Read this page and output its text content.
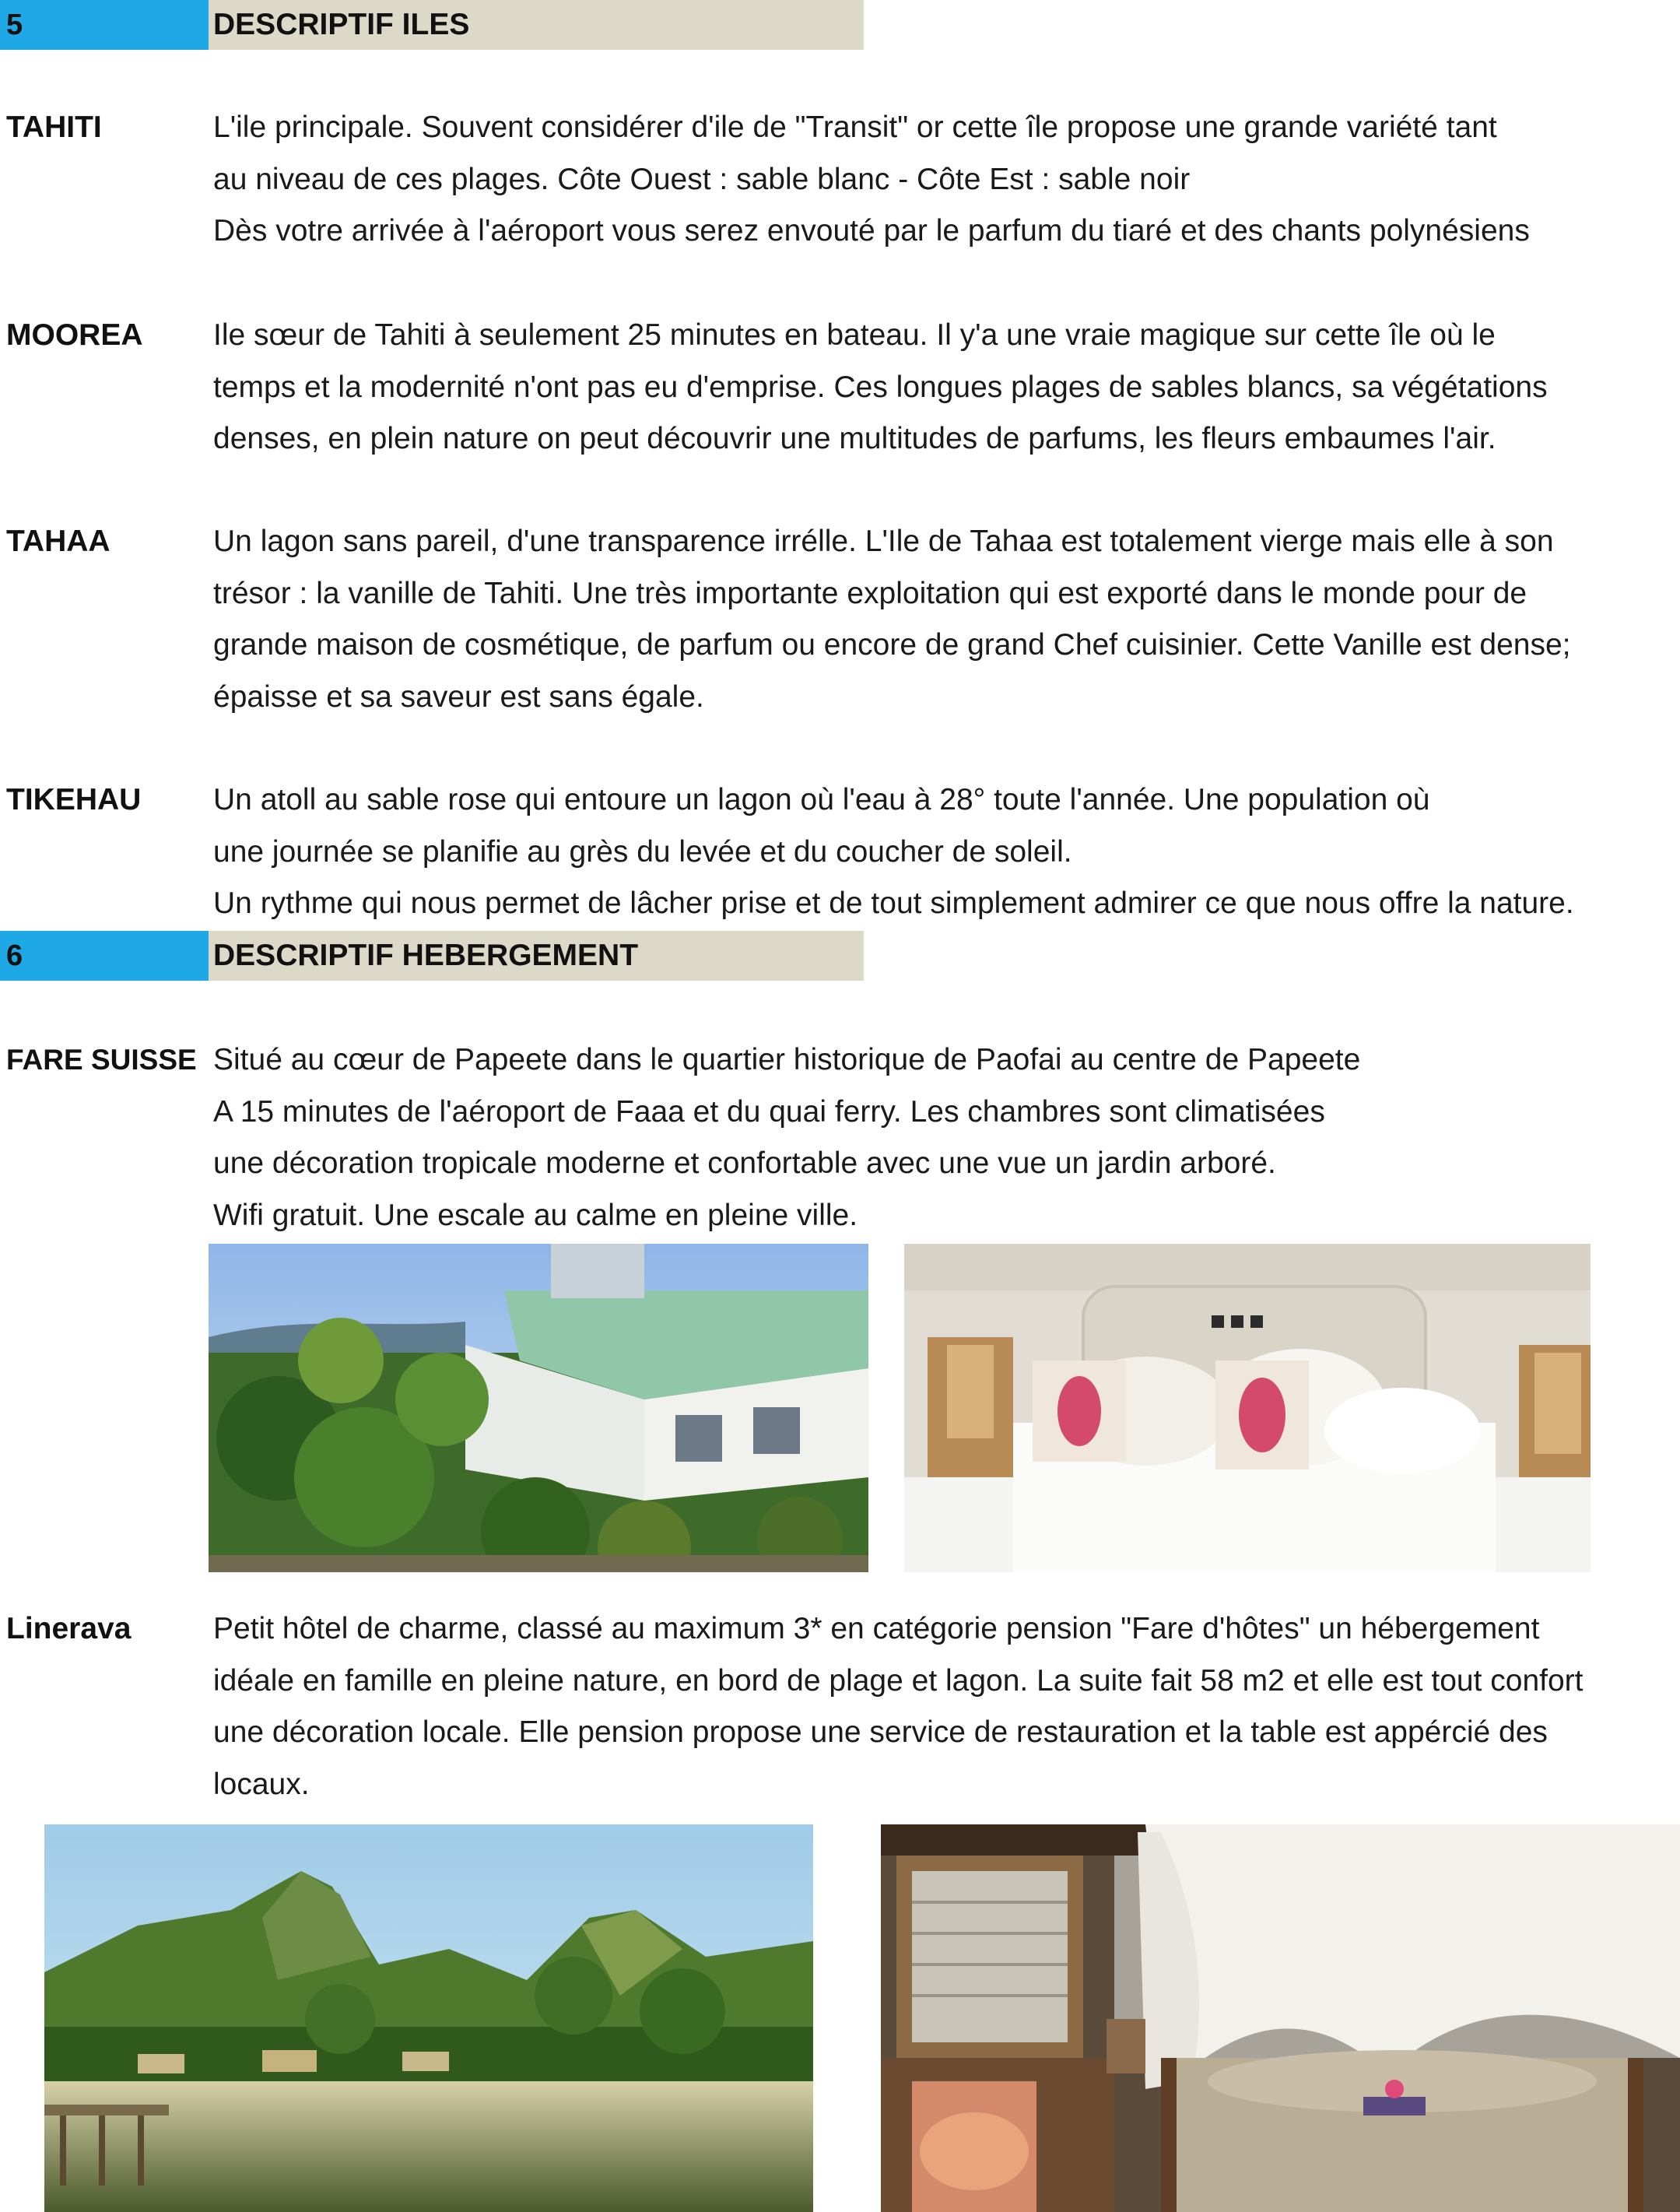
5	DESCRIPTIF ILES
TAHITI	L'ile principale. Souvent considérer d'ile de "Transit" or cette île propose une grande variété tant
au niveau de ces plages. Côte Ouest : sable blanc - Côte Est : sable noir
Dès votre arrivée à l'aéroport vous serez envouté par le parfum du tiaré et des chants polynésiens
MOOREA Ile sœur de Tahiti à seulement 25 minutes en bateau. Il y'a une vraie magique sur cette île où le
temps et la modernité n'ont pas eu d'emprise. Ces longues plages de sables blancs, sa végétations
denses, en plein nature on peut découvrir une multitudes de parfums, les fleurs embaumes l'air.
TAHAA	Un lagon sans pareil, d'une transparence irrélle. L'Ile de Tahaa est totalement vierge mais elle à son
trésor : la vanille de Tahiti. Une très importante exploitation qui est exporté dans le monde pour de
grande maison de cosmétique, de parfum ou encore de grand Chef cuisinier. Cette Vanille est dense;
épaisse et sa saveur est sans égale.
TIKEHAU Un atoll au sable rose qui entoure un lagon où l'eau à 28° toute l'année. Une population où
une journée se planifie au grès du levée et du coucher de soleil.
Un rythme qui nous permet de lâcher prise et de tout simplement admirer ce que nous offre la nature.
6	DESCRIPTIF HEBERGEMENT
FARE SUISSE Situé au cœur de Papeete dans le quartier historique de Paofai au centre de Papeete
A 15 minutes de l'aéroport de Faaa et du quai ferry. Les chambres sont climatisées
une décoration tropicale moderne et confortable avec une vue un jardin arboré.
Wifi gratuit. Une escale au calme en pleine ville.
Linerava	Petit hôtel de charme, classé au maximum 3* en catégorie pension "Fare d'hôtes" un hébergement
idéale en famille en pleine nature, en bord de plage et lagon. La suite fait 58 m2 et elle est tout confort
une décoration locale. Elle pension propose une service de restauration et la table est appércié des
locaux.
